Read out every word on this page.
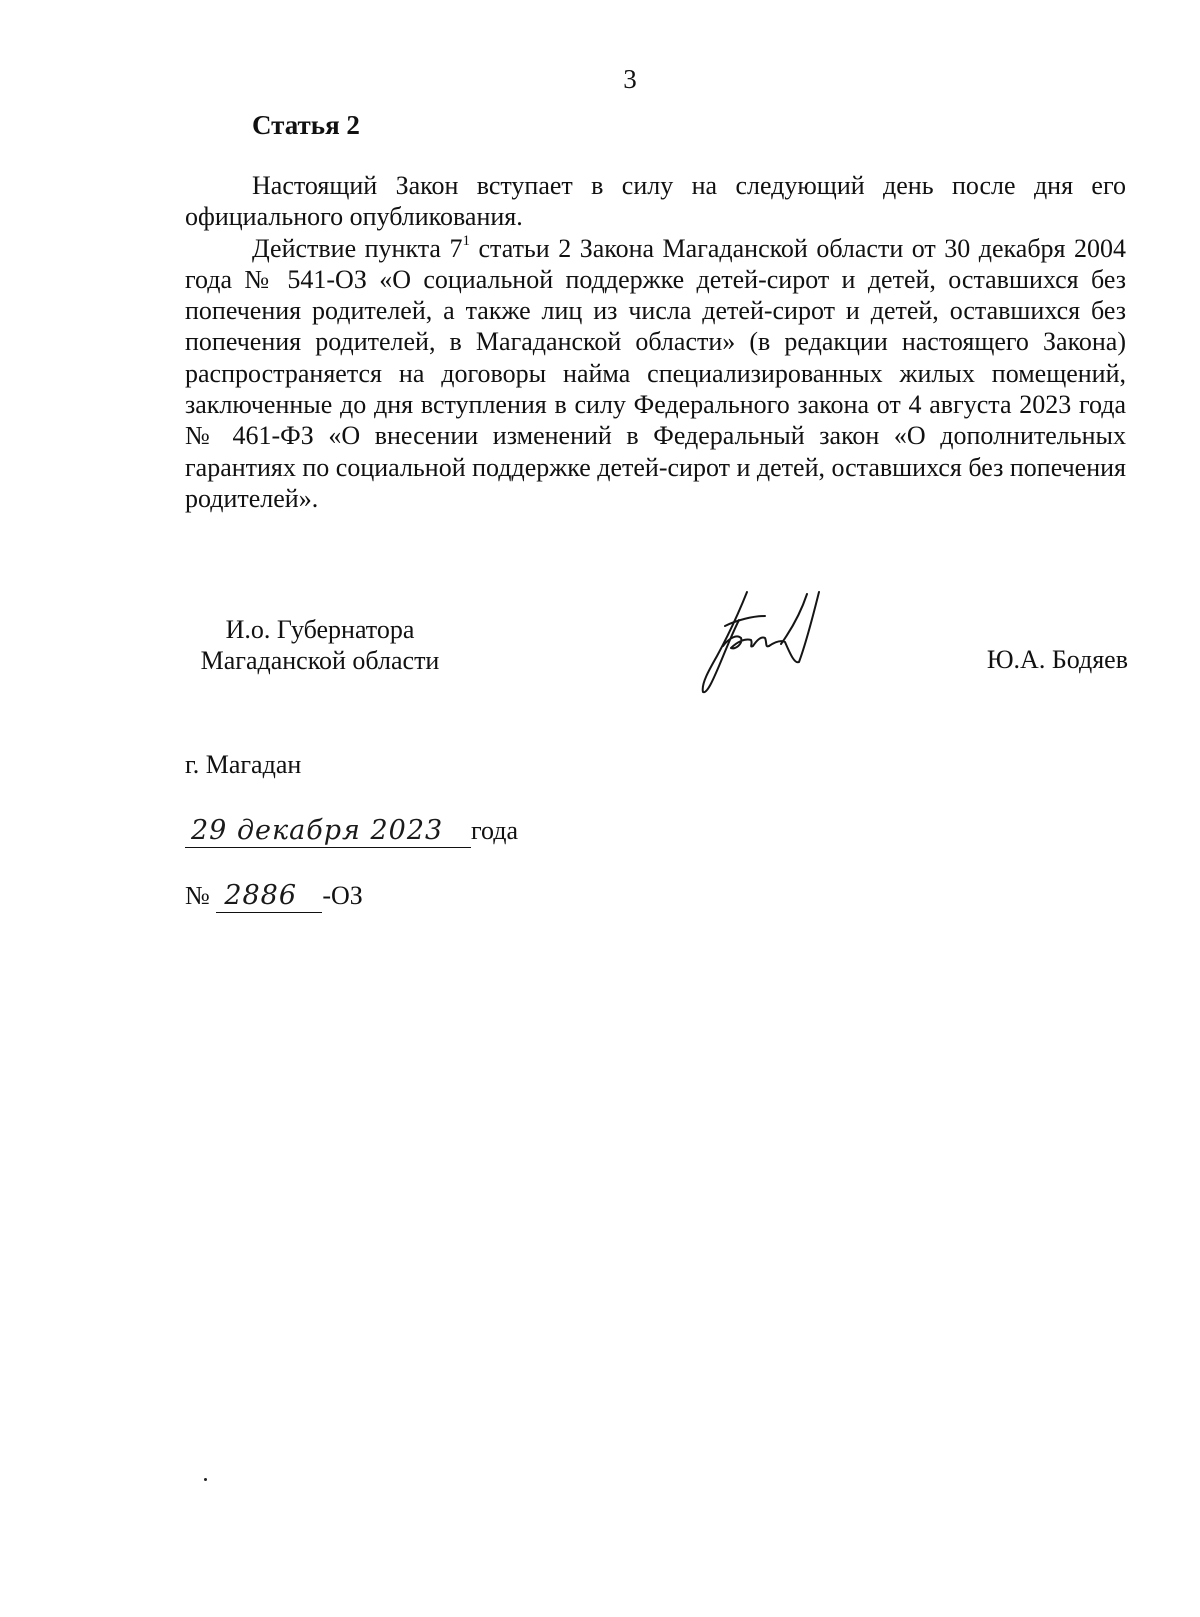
3
Статья 2

Настоящий Закон вступает в силу на следующий день после дня его официального опубликования.

Действие пункта $7^1$ статьи 2 Закона Магаданской области от 30 декабря 2004 года № 541-ОЗ «О социальной поддержке детей-сирот и детей, оставшихся без попечения родителей, а также лиц из числа детей-сирот и детей, оставшихся без попечения родителей, в Магаданской области» (в редакции настоящего Закона) распространяется на договоры найма специализированных жилых помещений, заключенные до дня вступления в силу Федерального закона от 4 августа 2023 года № 461-ФЗ «О внесении изменений в Федеральный закон «О дополнительных гарантиях по социальной поддержке детей-сирот и детей, оставшихся без попечения родителей».

И.о. Губернатора
Магаданской области	Ю.А. Бодяев
г. Магадан
29 декабря 2023 года
№ 2886 -ОЗ
